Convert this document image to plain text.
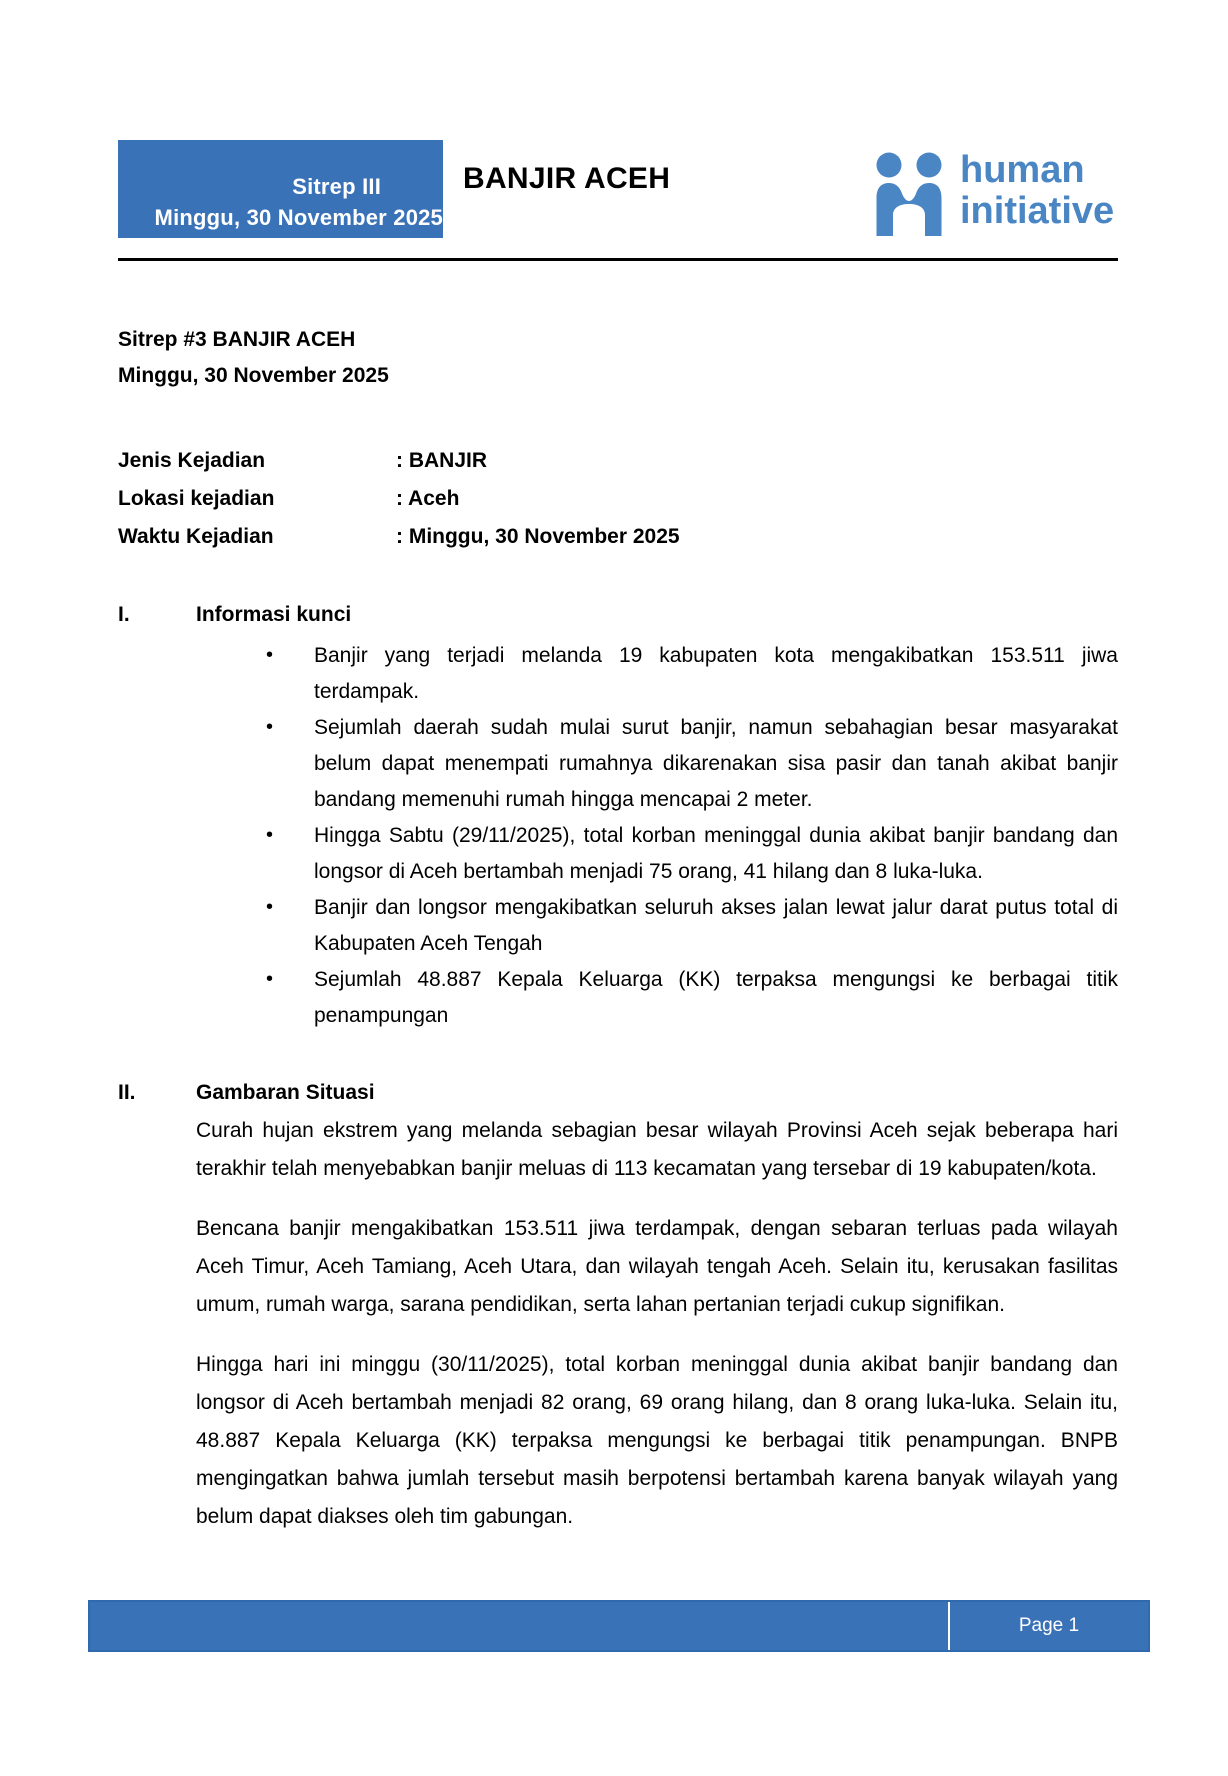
Sitrep III
Minggu, 30 November 2025
BANJIR ACEH	human
initiative
Sitrep #3 BANJIR ACEH
Minggu, 30 November 2025
Jenis Kejadian	: BANJIR
Lokasi kejadian	: Aceh
Waktu Kejadian	: Minggu, 30 November 2025
I.	Informasi kunci
• Banjir yang terjadi melanda 19 kabupaten kota mengakibatkan 153.511 jiwa terdampak.
• Sejumlah daerah sudah mulai surut banjir, namun sebahagian besar masyarakat belum dapat menempati rumahnya dikarenakan sisa pasir dan tanah akibat banjir bandang memenuhi rumah hingga mencapai 2 meter.
• Hingga Sabtu (29/11/2025), total korban meninggal dunia akibat banjir bandang dan longsor di Aceh bertambah menjadi 75 orang, 41 hilang dan 8 luka-luka.
• Banjir dan longsor mengakibatkan seluruh akses jalan lewat jalur darat putus total di Kabupaten Aceh Tengah
• Sejumlah 48.887 Kepala Keluarga (KK) terpaksa mengungsi ke berbagai titik penampungan
II.	Gambaran Situasi

Curah hujan ekstrem yang melanda sebagian besar wilayah Provinsi Aceh sejak beberapa hari terakhir telah menyebabkan banjir meluas di 113 kecamatan yang tersebar di 19 kabupaten/kota.

Bencana banjir mengakibatkan 153.511 jiwa terdampak, dengan sebaran terluas pada wilayah Aceh Timur, Aceh Tamiang, Aceh Utara, dan wilayah tengah Aceh. Selain itu, kerusakan fasilitas umum, rumah warga, sarana pendidikan, serta lahan pertanian terjadi cukup signifikan.

Hingga hari ini minggu (30/11/2025), total korban meninggal dunia akibat banjir bandang dan longsor di Aceh bertambah menjadi 82 orang, 69 orang hilang, dan 8 orang luka-luka. Selain itu, 48.887 Kepala Keluarga (KK) terpaksa mengungsi ke berbagai titik penampungan. BNPB mengingatkan bahwa jumlah tersebut masih berpotensi bertambah karena banyak wilayah yang belum dapat diakses oleh tim gabungan.

Page 1
